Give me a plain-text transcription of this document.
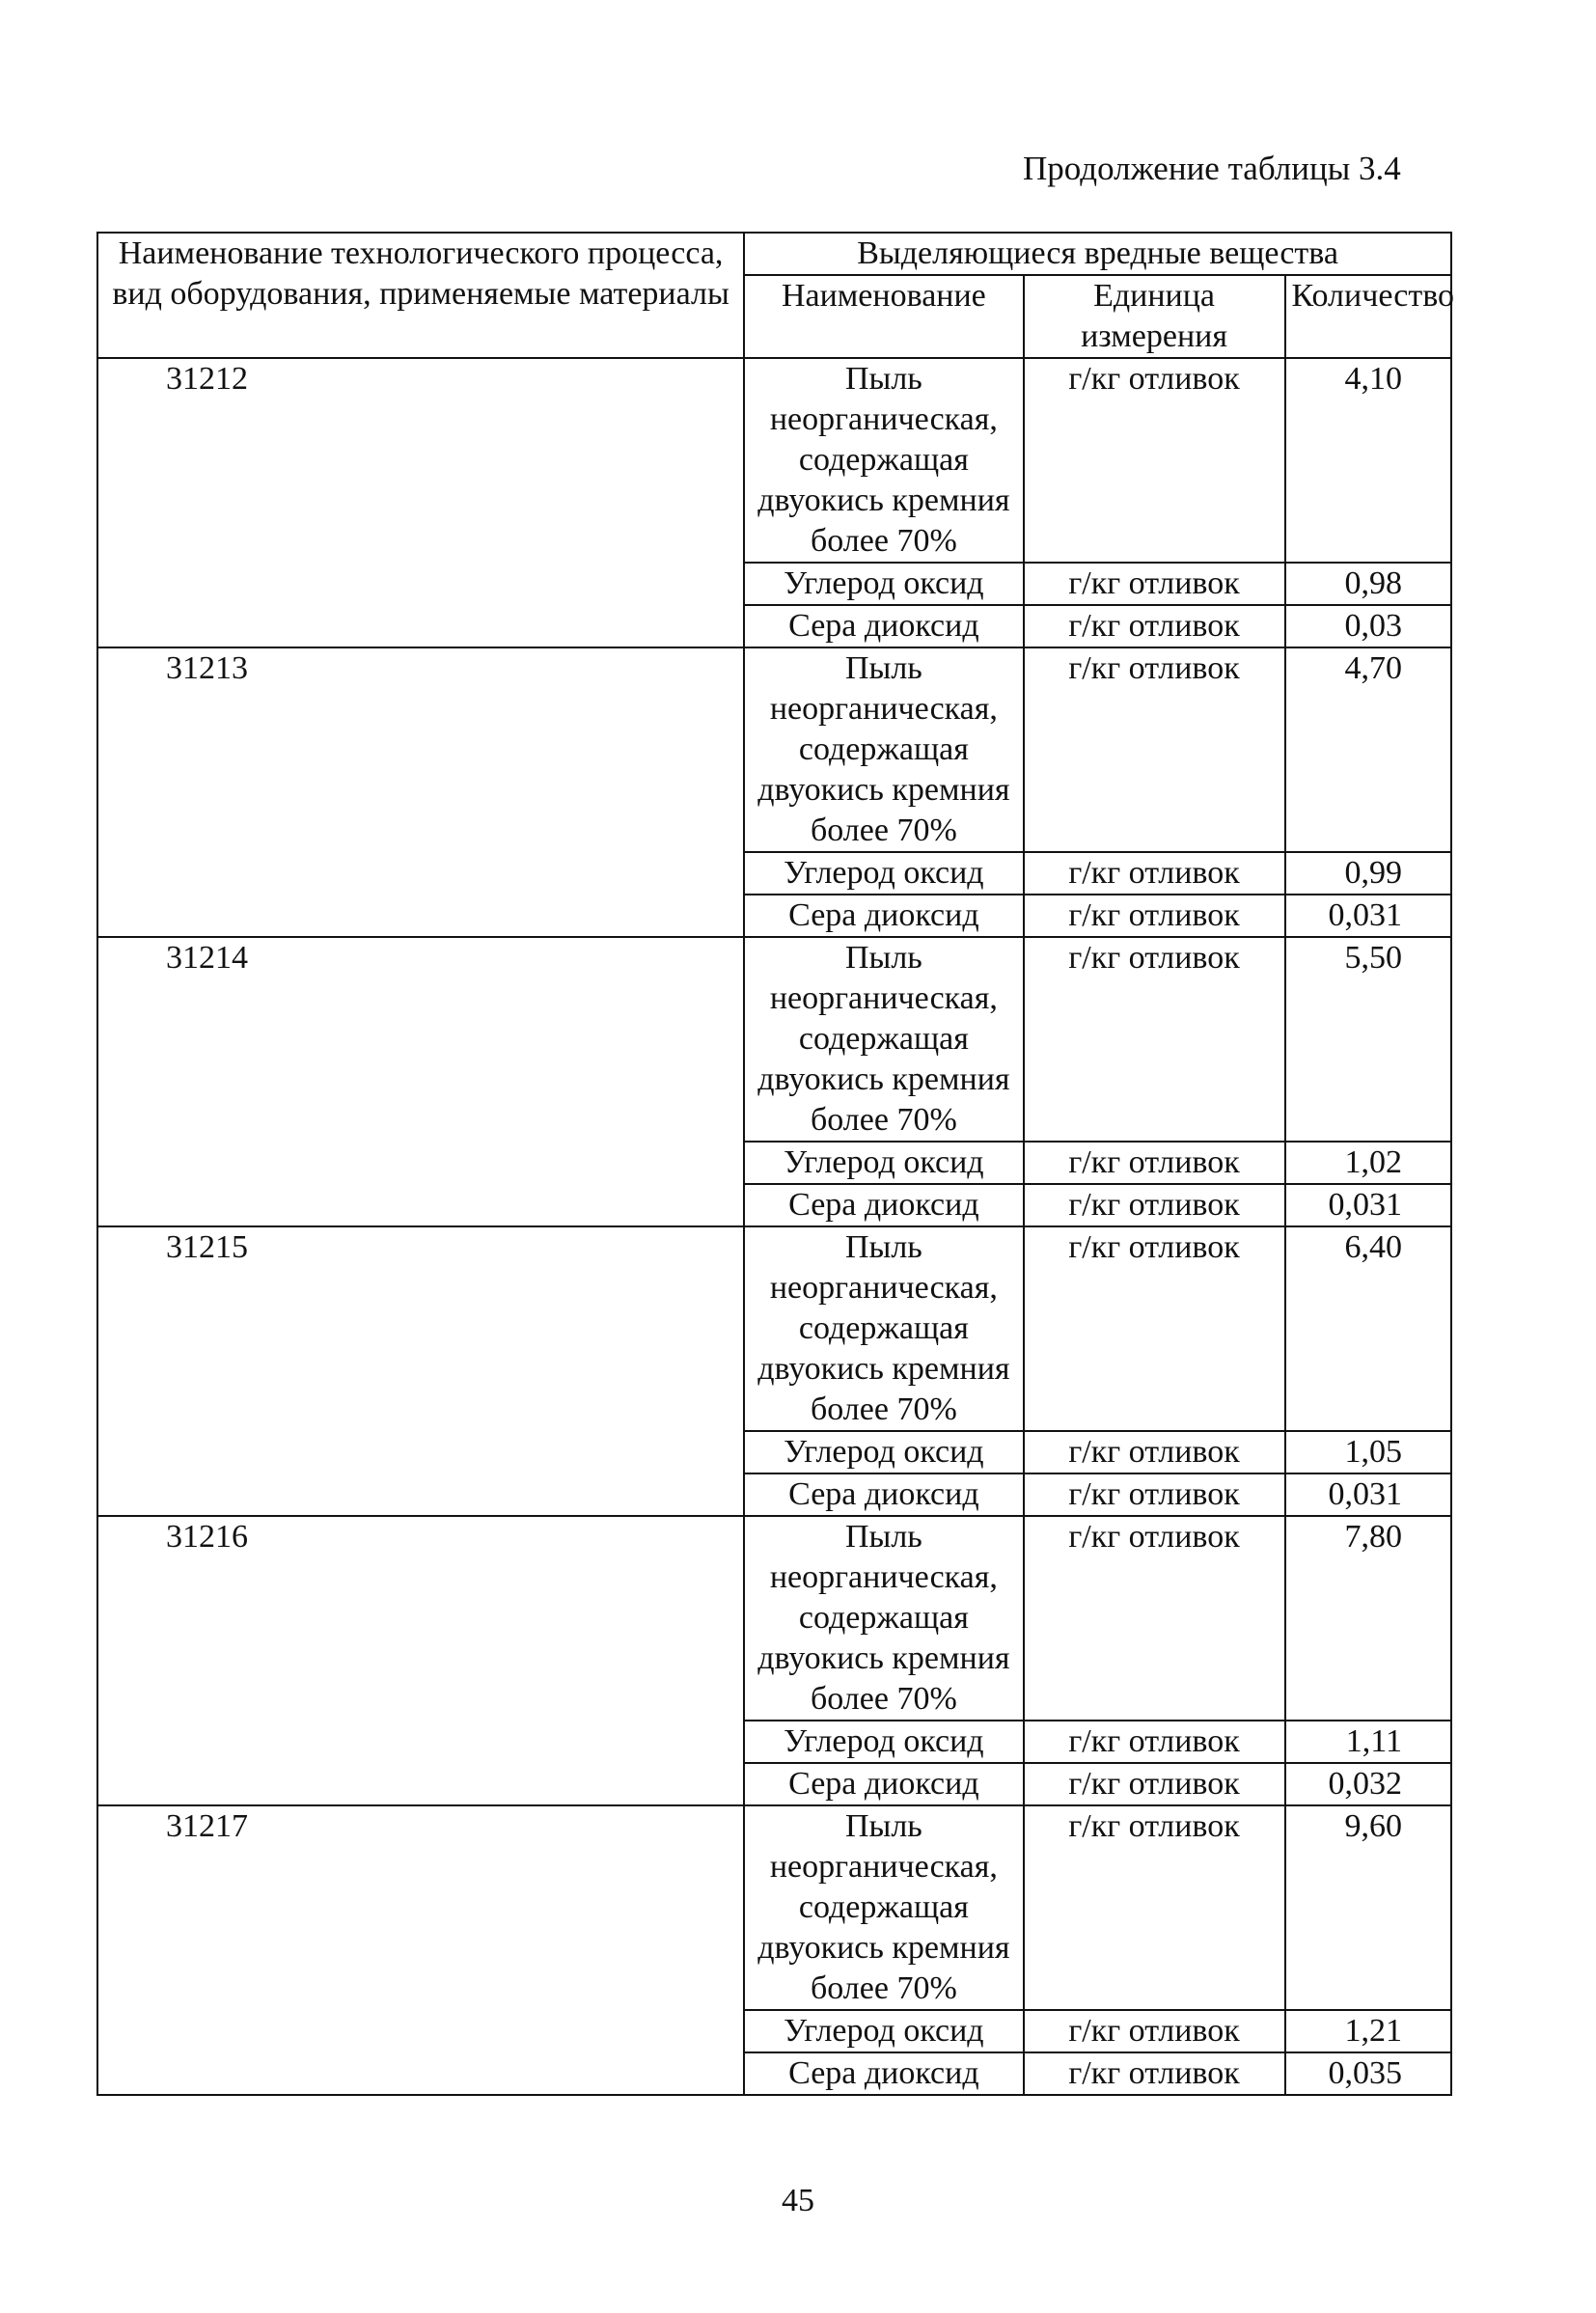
Продолжение таблицы 3.4
Наименование технологического процесса, вид оборудования, применяемые материалы	Выделяющиеся вредные вещества		
	Наименование	Единица измерения	Количество
31212	Пыль неорганическая, содержащая двуокись кремния более 70%	г/кг отливок	4,10
	Углерод оксид	г/кг отливок	0,98
	Сера диоксид	г/кг отливок	0,03
31213	Пыль неорганическая, содержащая двуокись кремния более 70%	г/кг отливок	4,70
	Углерод оксид	г/кг отливок	0,99
	Сера диоксид	г/кг отливок	0,031
31214	Пыль неорганическая, содержащая двуокись кремния более 70%	г/кг отливок	5,50
	Углерод оксид	г/кг отливок	1,02
	Сера диоксид	г/кг отливок	0,031
31215	Пыль неорганическая, содержащая двуокись кремния более 70%	г/кг отливок	6,40
	Углерод оксид	г/кг отливок	1,05
	Сера диоксид	г/кг отливок	0,031
31216	Пыль неорганическая, содержащая двуокись кремния более 70%	г/кг отливок	7,80
	Углерод оксид	г/кг отливок	1,11
	Сера диоксид	г/кг отливок	0,032
31217	Пыль неорганическая, содержащая двуокись кремния более 70%	г/кг отливок	9,60
	Углерод оксид	г/кг отливок	1,21
	Сера диоксид	г/кг отливок	0,035
45
